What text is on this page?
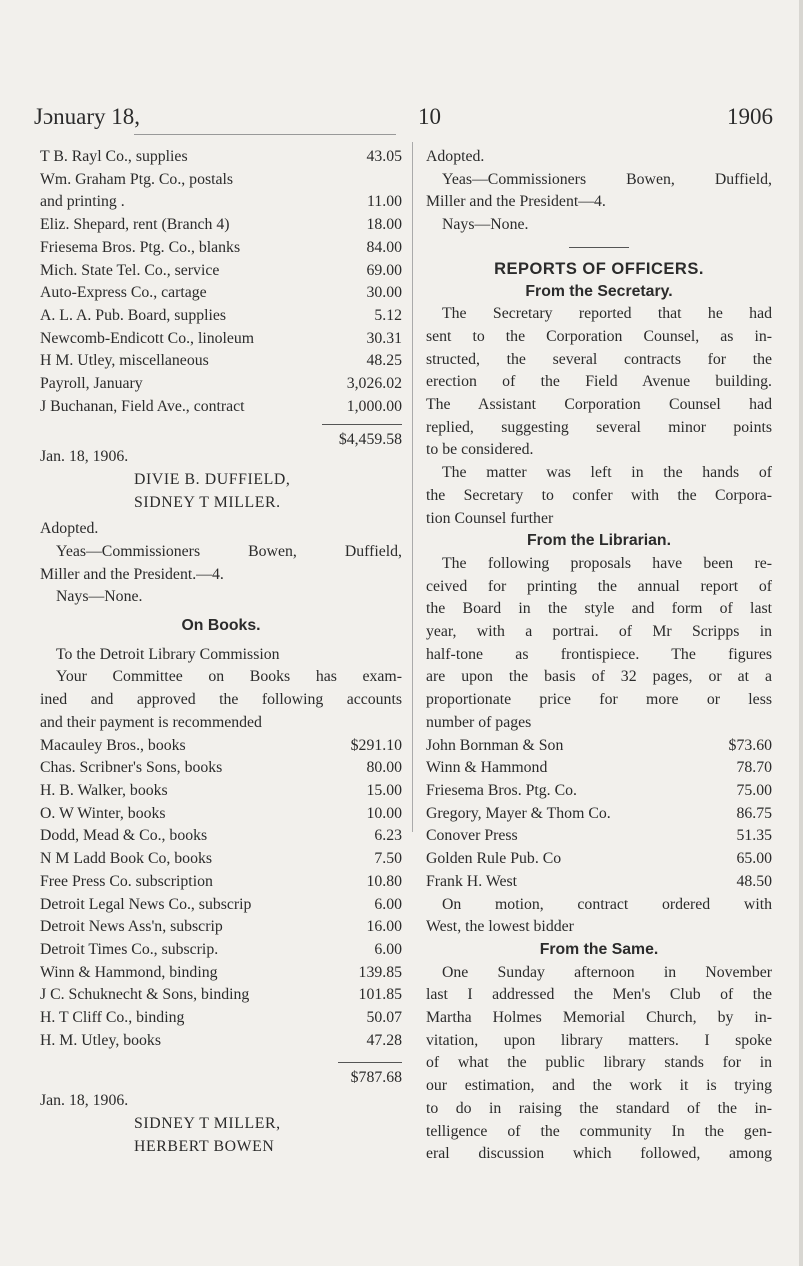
Jɔnuary 18,	10	1906
T B. Rayl Co., supplies	43.05
Wm. Graham Ptg. Co., postals
and printing .	11.00
Eliz. Shepard, rent (Branch 4)	18.00
Friesema Bros. Ptg. Co., blanks	84.00
Mich. State Tel. Co., service	69.00
Auto-Express Co., cartage	30.00
A. L. A. Pub. Board, supplies	5.12
Newcomb-Endicott Co., linoleum	30.31
H M. Utley, miscellaneous	48.25
Payroll, January	3,026.02
J Buchanan, Field Ave., contract	1,000.00
$4,459.58
Jan. 18, 1906.
DIVIE B. DUFFIELD,
SIDNEY T MILLER.
Adopted.
Yeas—Commissioners Bowen, Duffield,
Miller and the President.—4.
Nays—None.
On Books.
To the Detroit Library Commission
Your Committee on Books has exam-
ined and approved the following accounts
and their payment is recommended
Macauley Bros., books	$291.10
Chas. Scribner's Sons, books	80.00
H. B. Walker, books	15.00
O. W Winter, books	10.00
Dodd, Mead & Co., books	6.23
N M Ladd Book Co, books	7.50
Free Press Co. subscription	10.80
Detroit Legal News Co., subscrip	6.00
Detroit News Ass'n, subscrip	16.00
Detroit Times Co., subscrip.	6.00
Winn & Hammond, binding	139.85
J C. Schuknecht & Sons, binding	101.85
H. T Cliff Co., binding	50.07
H. M. Utley, books	47.28
$787.68
Jan. 18, 1906.
SIDNEY T MILLER,
HERBERT BOWEN
Adopted.
Yeas—Commissioners Bowen, Duffield,
Miller and the President—4.
Nays—None.
REPORTS OF OFFICERS.
From the Secretary.
The Secretary reported that he had
sent to the Corporation Counsel, as in-
structed, the several contracts for the
erection of the Field Avenue building.
The Assistant Corporation Counsel had
replied, suggesting several minor points
to be considered.
The matter was left in the hands of
the Secretary to confer with the Corpora-
tion Counsel further
From the Librarian.
The following proposals have been re-
ceived for printing the annual report of
the Board in the style and form of last
year, with a portrai. of Mr Scripps in
half-tone as frontispiece. The figures
are upon the basis of 32 pages, or at a
proportionate price for more or less
number of pages
John Bornman & Son	$73.60
Winn & Hammond	78.70
Friesema Bros. Ptg. Co.	75.00
Gregory, Mayer & Thom Co.	86.75
Conover Press	51.35
Golden Rule Pub. Co	65.00
Frank H. West	48.50
On motion, contract ordered with
West, the lowest bidder
From the Same.
One Sunday afternoon in November
last I addressed the Men's Club of the
Martha Holmes Memorial Church, by in-
vitation, upon library matters. I spoke
of what the public library stands for in
our estimation, and the work it is trying
to do in raising the standard of the in-
telligence of the community In the gen-
eral discussion which followed, among
